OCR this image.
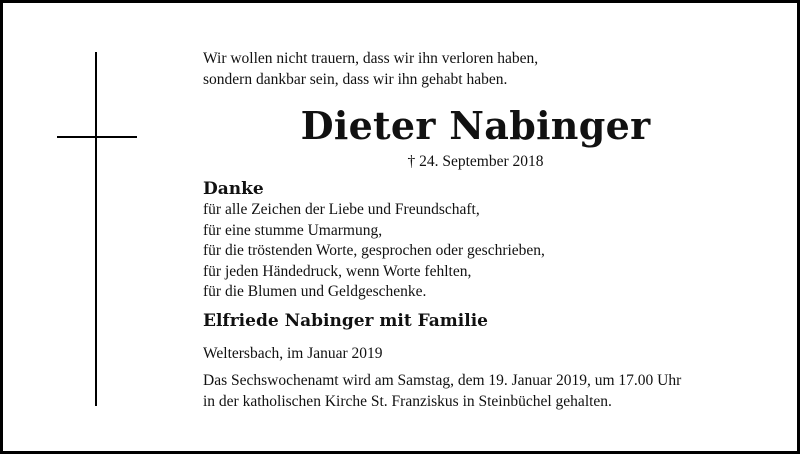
Wir wollen nicht trauern, dass wir ihn verloren haben,
sondern dankbar sein, dass wir ihn gehabt haben.
Dieter Nabinger
† 24. September 2018
Danke
für alle Zeichen der Liebe und Freundschaft,
für eine stumme Umarmung,
für die tröstenden Worte, gesprochen oder geschrieben,
für jeden Händedruck, wenn Worte fehlten,
für die Blumen und Geldgeschenke.
Elfriede Nabinger mit Familie
Weltersbach, im Januar 2019
Das Sechswochenamt wird am Samstag, dem 19. Januar 2019, um 17.00 Uhr
in der katholischen Kirche St. Franziskus in Steinbüchel gehalten.
